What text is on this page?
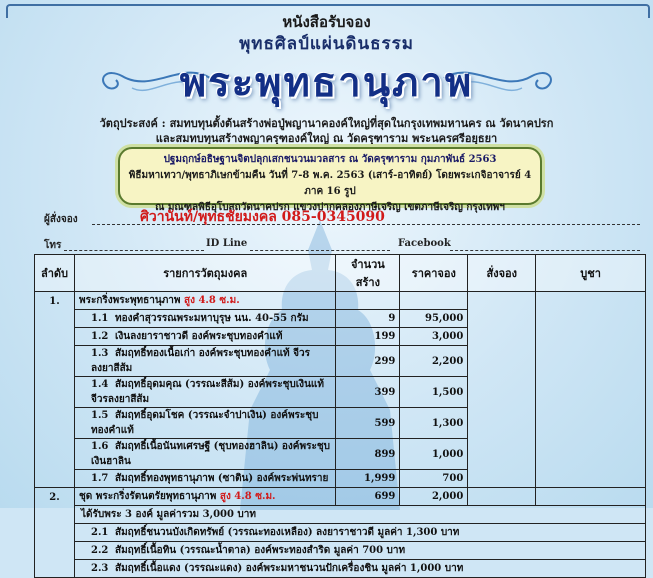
หนังสือรับจอง
พุทธศิลป์แผ่นดินธรรม
พระพุทธานุภาพ
วัตถุประสงค์ : สมทบทุนตั้งต้นสร้างพ่อปู่พญานาคองค์ใหญ่ที่สุดในกรุงเทพมหานคร ณ วัดนาคปรก
และสมทบทุนสร้างพญาครุฑองค์ใหญ่ ณ วัดครุฑาราม พระนครศรีอยุธยา
ปฐมฤกษ์อธิษฐานจิตปลุกเสกชนวนมวลสาร ณ วัดครุฑาราม กุมภาพันธ์ 2563
พิธีมหาเทวา/พุทธาภิเษกข้ามคืน วันที่ 7-8 พ.ค. 2563 (เสาร์-อาทิตย์) โดยพระเกจิอาจารย์ 4 ภาค 16 รูป
ณ มณฑลพิธีอุโบสถวัดนาคปรก แขวงปากคลองภาษีเจริญ เขตภาษีเจริญ กรุงเทพฯ
ผู้สั่งจอง	ศิวานันท์/พุทธชัยมงคล 085-0345090
โทร	ID Line	Facebook
ลำดับ	รายการวัตถุมงคล	จำนวนสร้าง	ราคาจอง	สั่งจอง	บูชา
1.	พระกริ่งพระพุทธานุภาพ สูง 4.8 ซ.ม.				
	1.1 ทองคำสุวรรณพระมหาบุรุษ นน. 40-55 กรัม	9	95,000		
	1.2 เงินลงยาราชาวดี องค์พระชุบทองคำแท้	199	3,000		
	1.3 สัมฤทธิ์ทองเนื้อเก่า องค์พระชุบทองคำแท้ จีวรลงยาสีส้ม	299	2,200		
	1.4 สัมฤทธิ์อุดมคุณ (วรรณะสีส้ม) องค์พระชุบเงินแท้ จีวรลงยาสีส้ม	399	1,500		
	1.5 สัมฤทธิ์อุดมโชค (วรรณะจำปาเงิน) องค์พระชุบทองคำแท้	599	1,300		
	1.6 สัมฤทธิ์เนื้อนันทเศรษฐี (ชุบทองฮาลิน) องค์พระชุบเงินฮาลิน	899	1,000		
	1.7 สัมฤทธิ์ทองพุทธานุภาพ (ซาติน) องค์พระพ่นทราย	1,999	700		
2.	ชุด พระกริ่งรัตนตรัยพุทธานุภาพ สูง 4.8 ซ.ม.	699	2,000		
	ได้รับพระ 3 องค์ มูลค่ารวม 3,000 บาท				
	2.1 สัมฤทธิ์ชนวนบังเกิดทรัพย์ (วรรณะทองเหลือง) ลงยาราชาวดี มูลค่า 1,300 บาท				
	2.2 สัมฤทธิ์เนื้อทิน (วรรณะน้ำตาล) องค์พระทองสำริด มูลค่า 700 บาท				
	2.3 สัมฤทธิ์เนื้อแดง (วรรณะแดง) องค์พระมหาชนวนปักเครื่องชิน มูลค่า 1,000 บาท				
